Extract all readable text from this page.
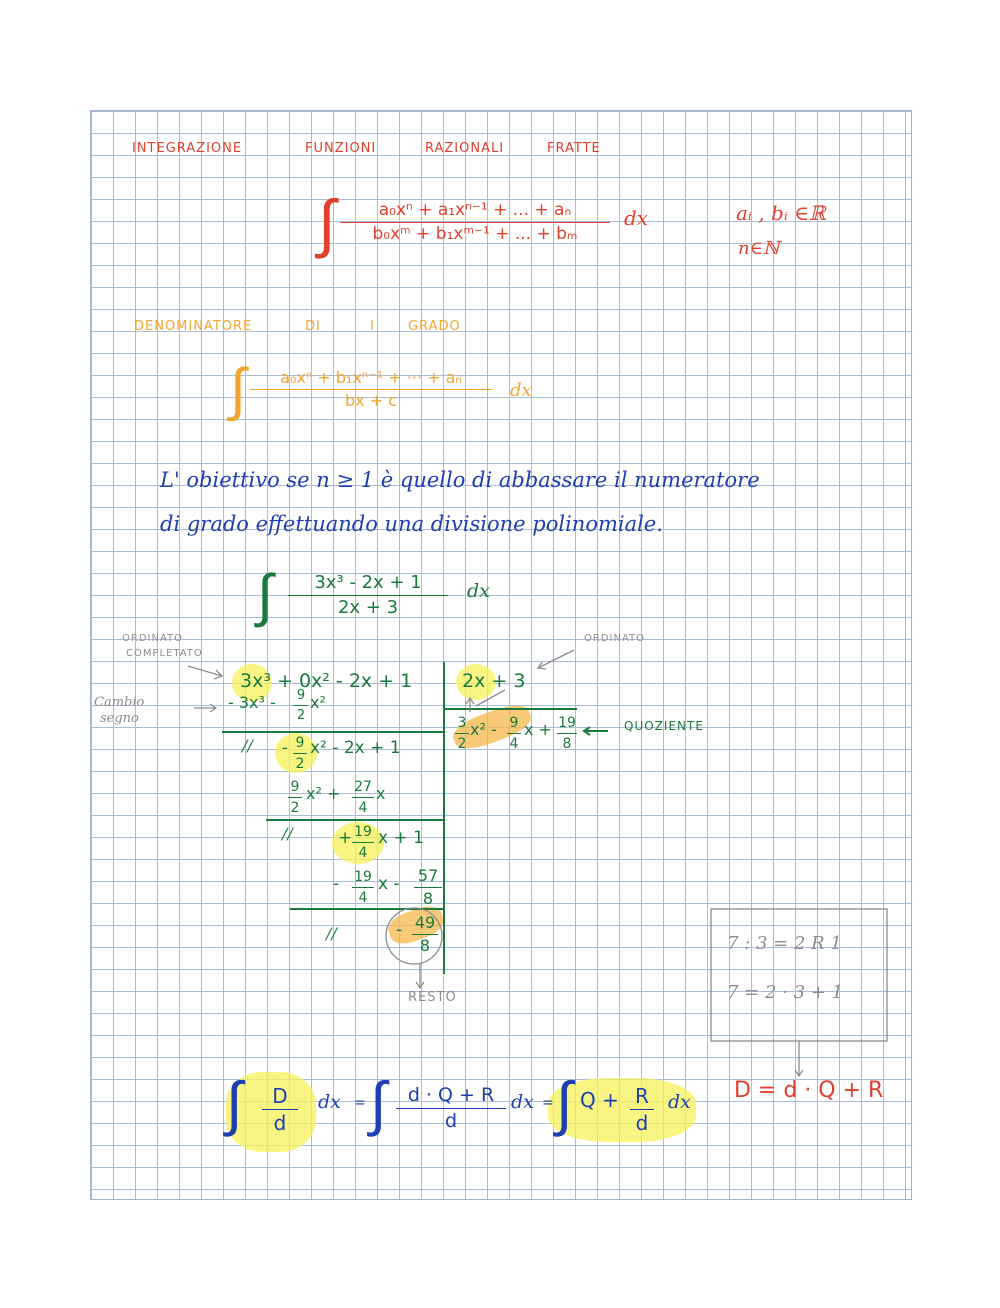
INTEGRAZIONE	FUNZIONI	RAZIONALI	FRATTE
∫	a₀xⁿ + a₁xⁿ⁻¹ + ... + aₙ
b₀xᵐ + b₁xᵐ⁻¹ + ... + bₘ
dx	aᵢ , bᵢ ∈ℝ
n∈ℕ
DENOMINATORE	DI	I	GRADO
∫	a₀xⁿ + b₁xⁿ⁻¹ + ··· + aₙ
bx + c	dx
L' obiettivo se n ≥ 1 è quello di abbassare il numeratore
di grado effettuando una divisione polinomiale.
∫	3x³ - 2x + 1
2x + 3
dx
ORDINATO
COMPLETATO
ORDINATO
Cambio
segno	QUOZIENTE
RESTO
3x³ + 0x² - 2x + 1	2x + 3
- 3x³ - 9
2
x²
3
2
x² - 9
4
x + 19
8
//
//
//
- 9
2
x² - 2x + 1
9
2
x² + 27
4
x
+ 19
4
x + 1
- 19
4
x - 57
8
- 49
8	7 : 3 = 2 R 1
7 = 2 · 3 + 1
∫	D
d
dx = ∫	d · Q + R
d
dx = ∫ Q + R
d
dx D = d · Q + R
